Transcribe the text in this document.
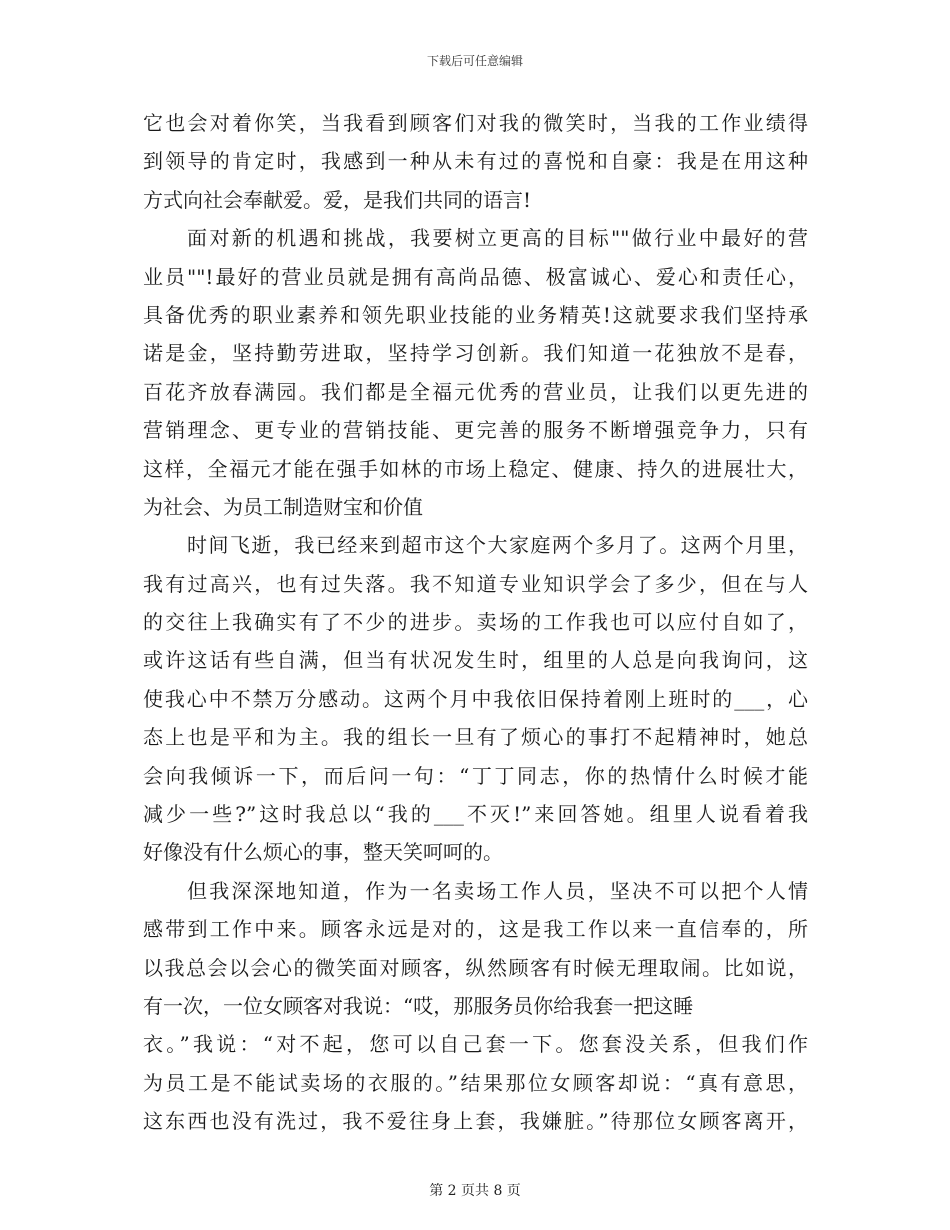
下载后可任意编辑
它也会对着你笑，当我看到顾客们对我的微笑时，当我的工作业绩得
到领导的肯定时，我感到一种从未有过的喜悦和自豪：我是在用这种
方式向社会奉献爱。爱，是我们共同的语言!
面对新的机遇和挑战，我要树立更高的目标""做行业中最好的营
业员""!最好的营业员就是拥有高尚品德、极富诚心、爱心和责任心，
具备优秀的职业素养和领先职业技能的业务精英!这就要求我们坚持承
诺是金，坚持勤劳进取，坚持学习创新。我们知道一花独放不是春，
百花齐放春满园。我们都是全福元优秀的营业员，让我们以更先进的
营销理念、更专业的营销技能、更完善的服务不断增强竞争力，只有
这样，全福元才能在强手如林的市场上稳定、健康、持久的进展壮大，
为社会、为员工制造财宝和价值
时间飞逝，我已经来到超市这个大家庭两个多月了。这两个月里，
我有过高兴，也有过失落。我不知道专业知识学会了多少，但在与人
的交往上我确实有了不少的进步。卖场的工作我也可以应付自如了，
或许这话有些自满，但当有状况发生时，组里的人总是向我询问，这
使我心中不禁万分感动。这两个月中我依旧保持着刚上班时的___，心
态上也是平和为主。我的组长一旦有了烦心的事打不起精神时，她总
会向我倾诉一下，而后问一句：“丁丁同志，你的热情什么时候才能
减少一些?”这时我总以“我的___不灭!”来回答她。组里人说看着我
好像没有什么烦心的事，整天笑呵呵的。
但我深深地知道，作为一名卖场工作人员，坚决不可以把个人情
感带到工作中来。顾客永远是对的，这是我工作以来一直信奉的，所
以我总会以会心的微笑面对顾客，纵然顾客有时候无理取闹。比如说，
有一次，一位女顾客对我说：“哎，那服务员你给我套一把这睡
衣。”我说：“对不起，您可以自己套一下。您套没关系，但我们作
为员工是不能试卖场的衣服的。”结果那位女顾客却说：“真有意思，
这东西也没有洗过，我不爱往身上套，我嫌脏。”待那位女顾客离开，
第 2 页共 8 页
